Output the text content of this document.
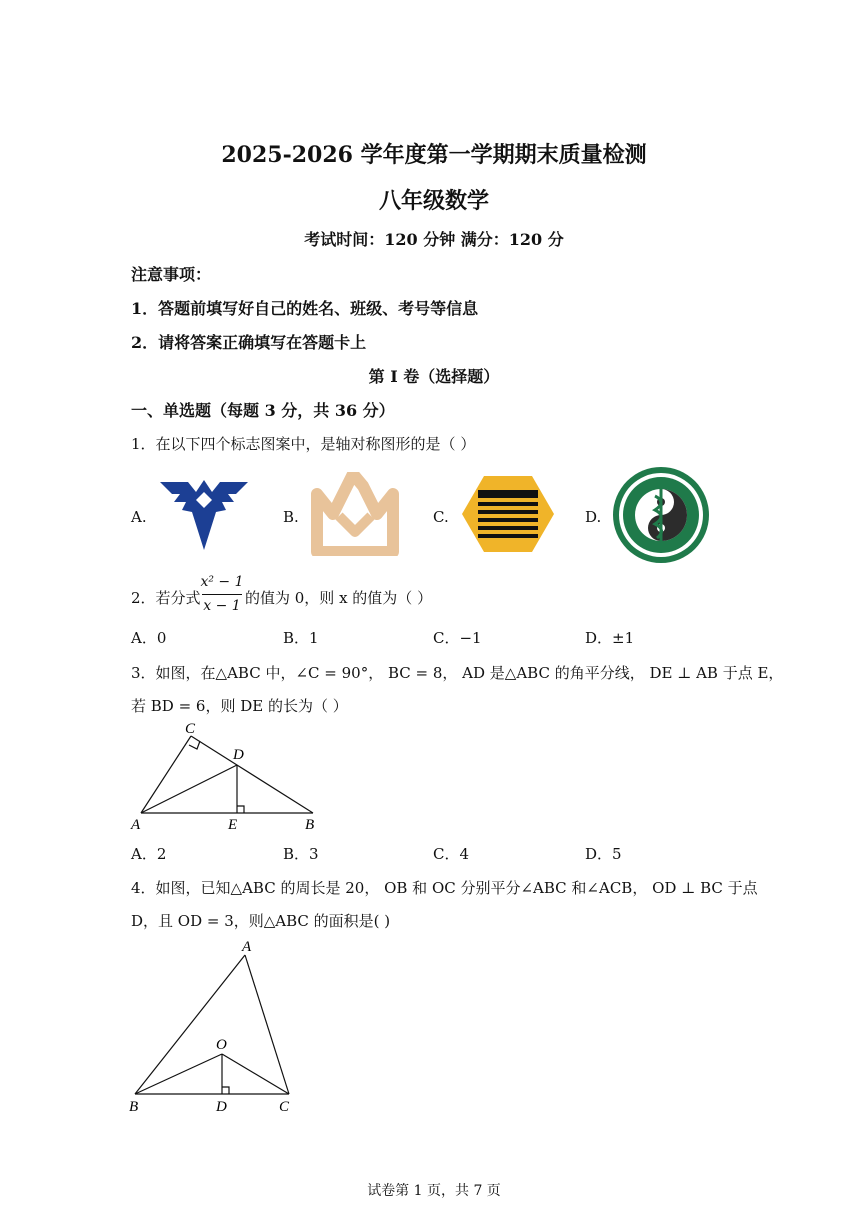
2025-2026 学年度第一学期期末质量检测
八年级数学
考试时间：120 分钟 满分：120 分
注意事项：
1．答题前填写好自己的姓名、班级、考号等信息
2．请将答案正确填写在答题卡上
第 I 卷（选择题）
一、单选题（每题 3 分，共 36 分）
1．在以下四个标志图案中，是轴对称图形的是（ ）
A.	B.	C.	D.
2．若分式
x² − 1
x − 1 的值为 0，则 x 的值为（ ）
A．0	B．1	C．−1	D．±1
3．如图，在△ABC 中，∠C = 90°， BC = 8， AD 是△ABC 的角平分线， DE ⊥ AB 于点 E，
若 BD = 6，则 DE 的长为（ ）
A	B
C
D
E
A．2	B．3	C．4	D．5
4．如图，已知△ABC 的周长是 20， OB 和 OC 分别平分∠ABC 和∠ACB， OD ⊥ BC 于点
D，且 OD = 3，则△ABC 的面积是( )
A
B	C
D
O
试卷第 1 页，共 7 页
